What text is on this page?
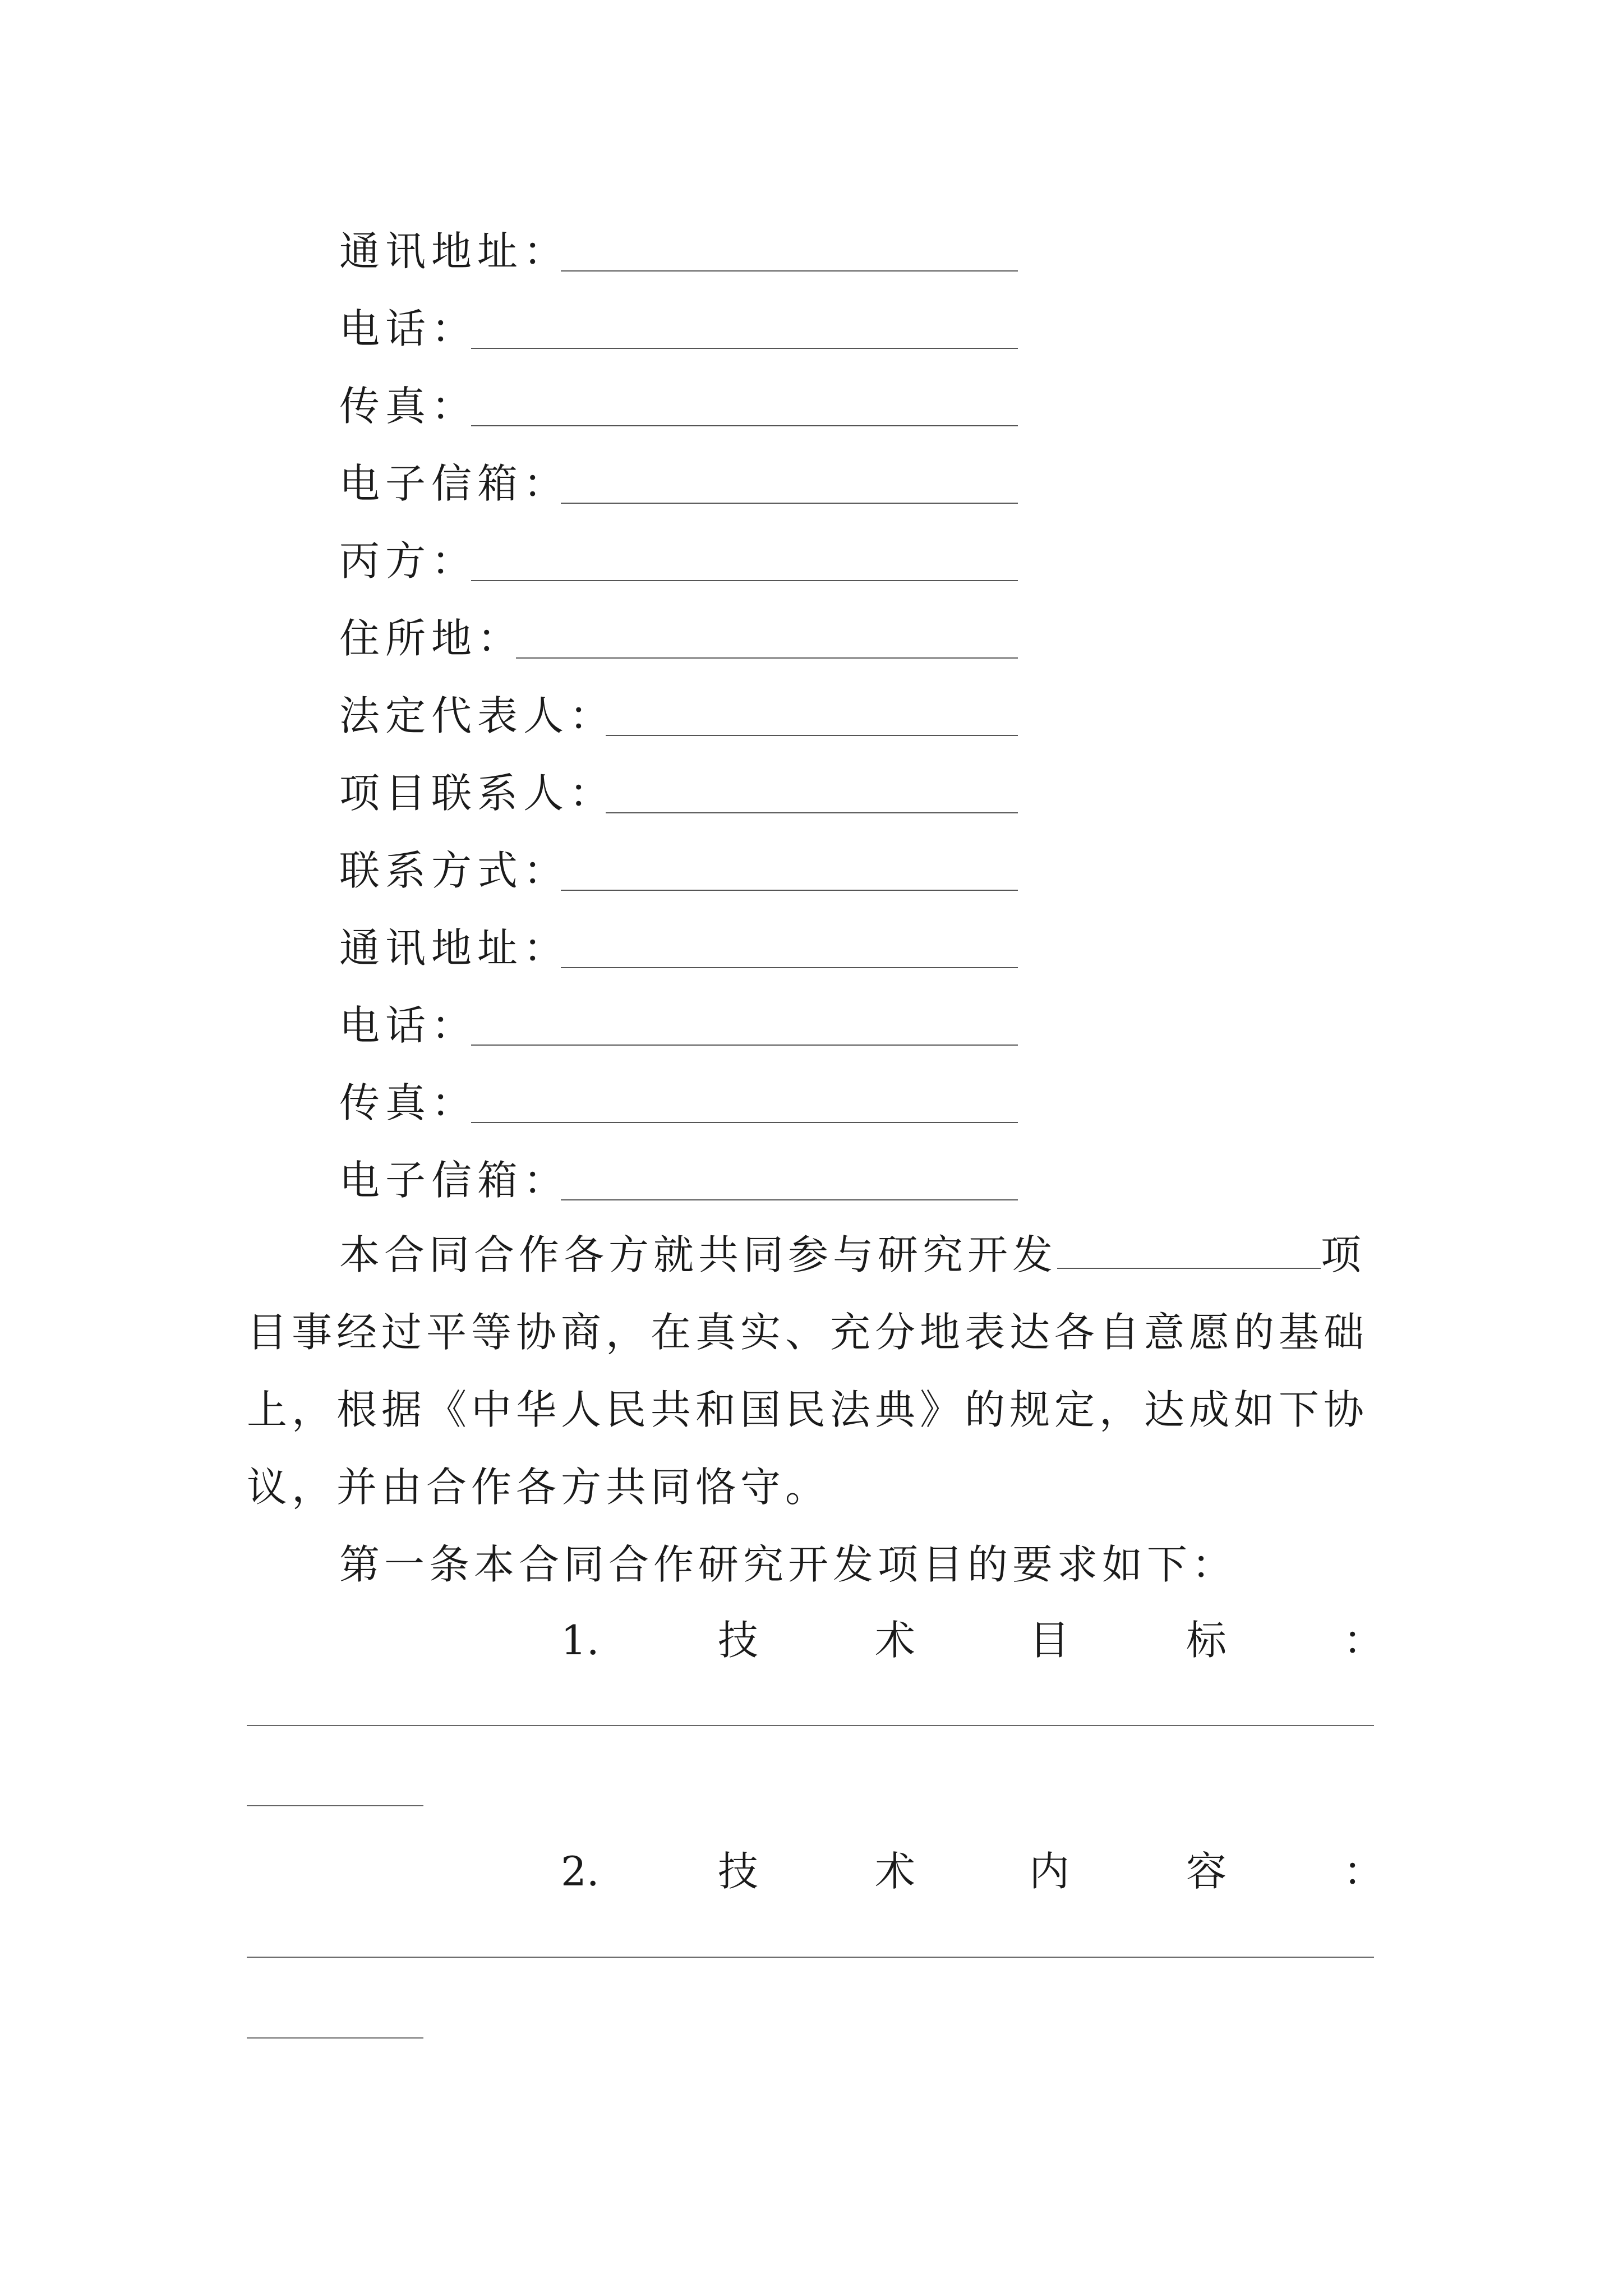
通讯地址：
电话：
传真：
电子信箱：
丙方：
住所地：
法定代表人：
项目联系人：
联系方式：
通讯地址：
电话：
传真：
电子信箱：
本合同合作各方就共同参与研究开发	项目事经过平等协商，在真实、充分地表达各自意愿的基础上，根据《中华人民共和国民法典》的规定，达成如下协议，并由合作各方共同恪守。
第一条本合同合作研究开发项目的要求如下：
1.	技	术	目	标	：
2.	技	术	内	容	：
